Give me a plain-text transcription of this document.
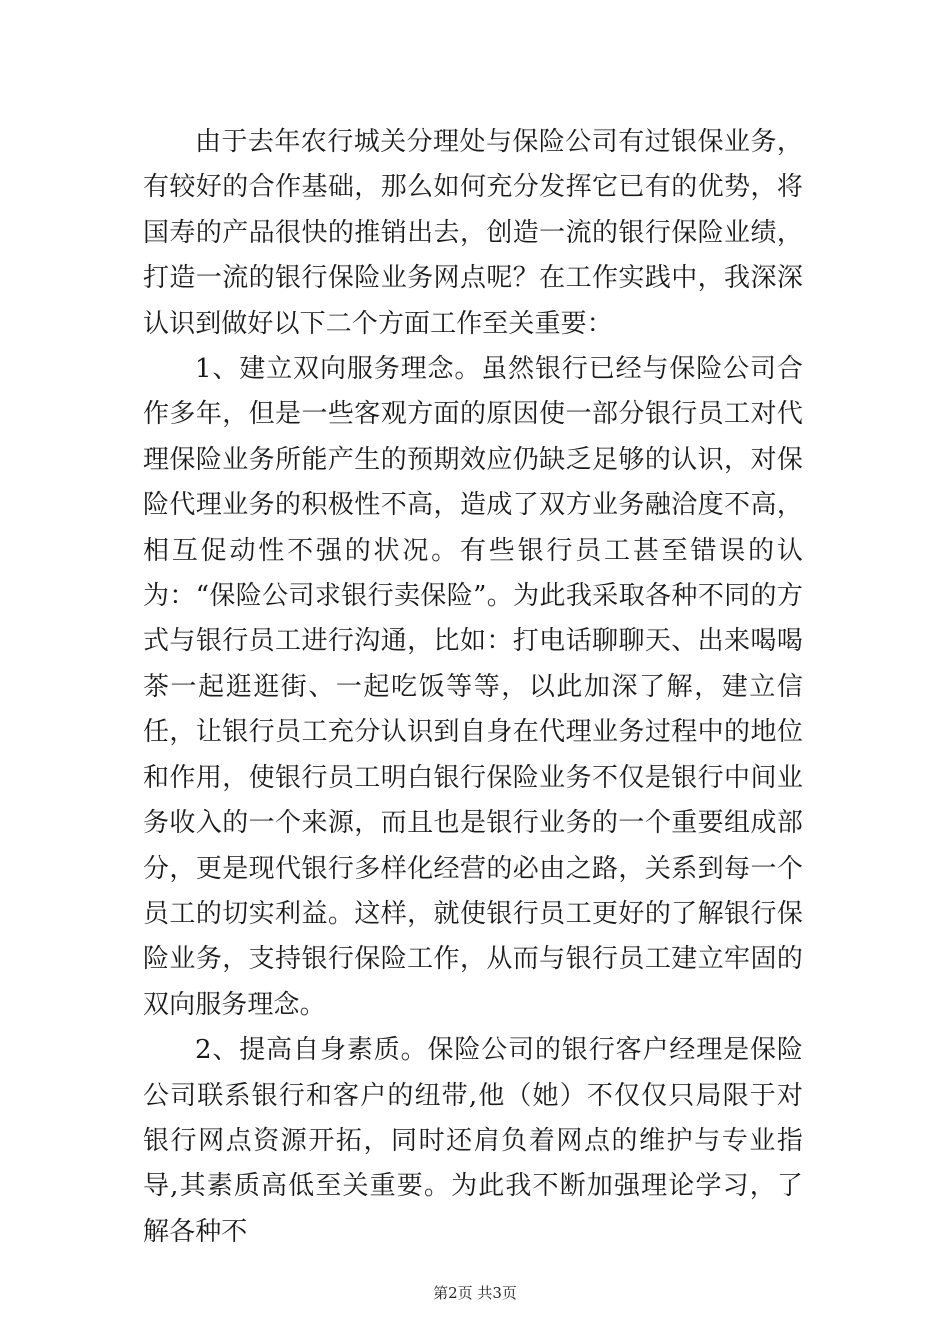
由于去年农行城关分理处与保险公司有过银保业务，有较好的合作基础，那么如何充分发挥它已有的优势，将国寿的产品很快的推销出去，创造一流的银行保险业绩，打造一流的银行保险业务网点呢？在工作实践中，我深深认识到做好以下二个方面工作至关重要：

1、建立双向服务理念。虽然银行已经与保险公司合作多年，但是一些客观方面的原因使一部分银行员工对代理保险业务所能产生的预期效应仍缺乏足够的认识，对保险代理业务的积极性不高，造成了双方业务融洽度不高，相互促动性不强的状况。有些银行员工甚至错误的认为：“保险公司求银行卖保险”。为此我采取各种不同的方式与银行员工进行沟通，比如：打电话聊聊天、出来喝喝茶一起逛逛街、一起吃饭等等，以此加深了解，建立信任，让银行员工充分认识到自身在代理业务过程中的地位和作用，使银行员工明白银行保险业务不仅是银行中间业务收入的一个来源，而且也是银行业务的一个重要组成部分，更是现代银行多样化经营的必由之路，关系到每一个员工的切实利益。这样，就使银行员工更好的了解银行保险业务，支持银行保险工作，从而与银行员工建立牢固的双向服务理念。

2、提高自身素质。保险公司的银行客户经理是保险公司联系银行和客户的纽带,他（她）不仅仅只局限于对银行网点资源开拓，同时还肩负着网点的维护与专业指导,其素质高低至关重要。为此我不断加强理论学习，了解各种不

第2页 共3页
